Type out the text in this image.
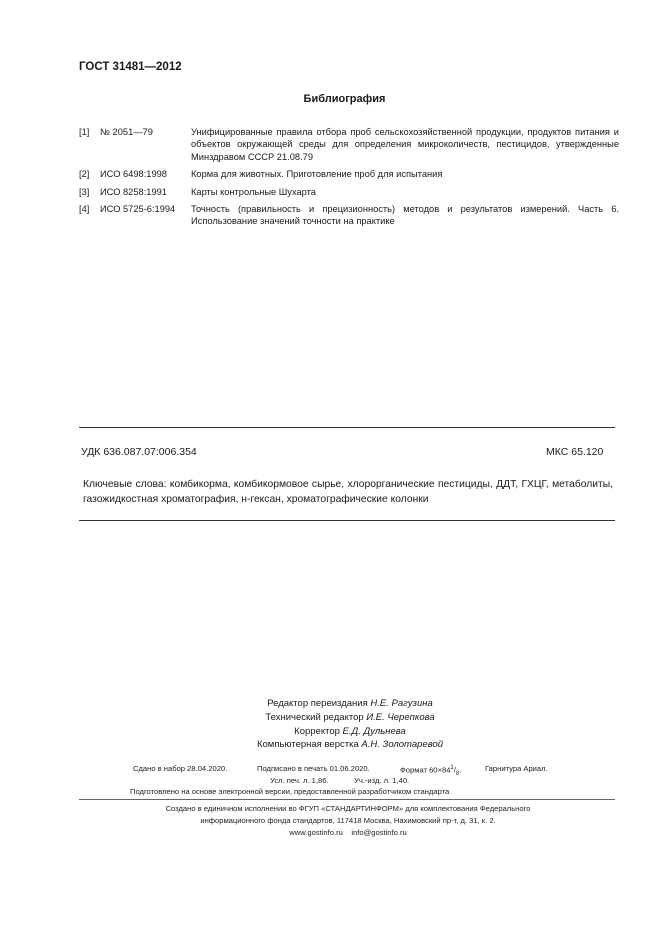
ГОСТ 31481—2012
Библиография
[1]	№ 2051—79	Унифицированные правила отбора проб сельскохозяйственной продукции, продуктов питания и объектов окружающей среды для определения микроколичеств, пестицидов, утвержденные Минздравом СССР 21.08.79
[2]	ИСО 6498:1998	Корма для животных. Приготовление проб для испытания
[3]	ИСО 8258:1991	Карты контрольные Шухарта
[4]	ИСО 5725-6:1994	Точность (правильность и прецизионность) методов и результатов измерений. Часть 6. Использование значений точности на практике
УДК 636.087.07:006.354	МКС 65.120
Ключевые слова: комбикорма, комбикормовое сырье, хлорорганические пестициды, ДДТ, ГХЦГ, метаболиты, газожидкостная хроматография, н-гексан, хроматографические колонки
Редактор переиздания Н.Е. Рагузина
Технический редактор И.Е. Черепкова
Корректор Е.Д. Дульнева
Компьютерная верстка А.Н. Золотаревой
Сдано в набор 28.04.2020.	Подписано в печать 01.06.2020.	Формат $60\times 84^1/_8$.	Гарнитура Ариал.
Усл. печ. л. 1,86.	Уч.-изд. л. 1,40.
Подготовлено на основе электронной версии, предоставленной разработчиком стандарта
Создано в единичном исполнении во ФГУП «СТАНДАРТИНФОРМ» для комплектования Федерального
информационного фонда стандартов, 117418 Москва, Нахимовский пр-т, д. 31, к. 2.
www.gostinfo.ru info@gostinfo.ru
